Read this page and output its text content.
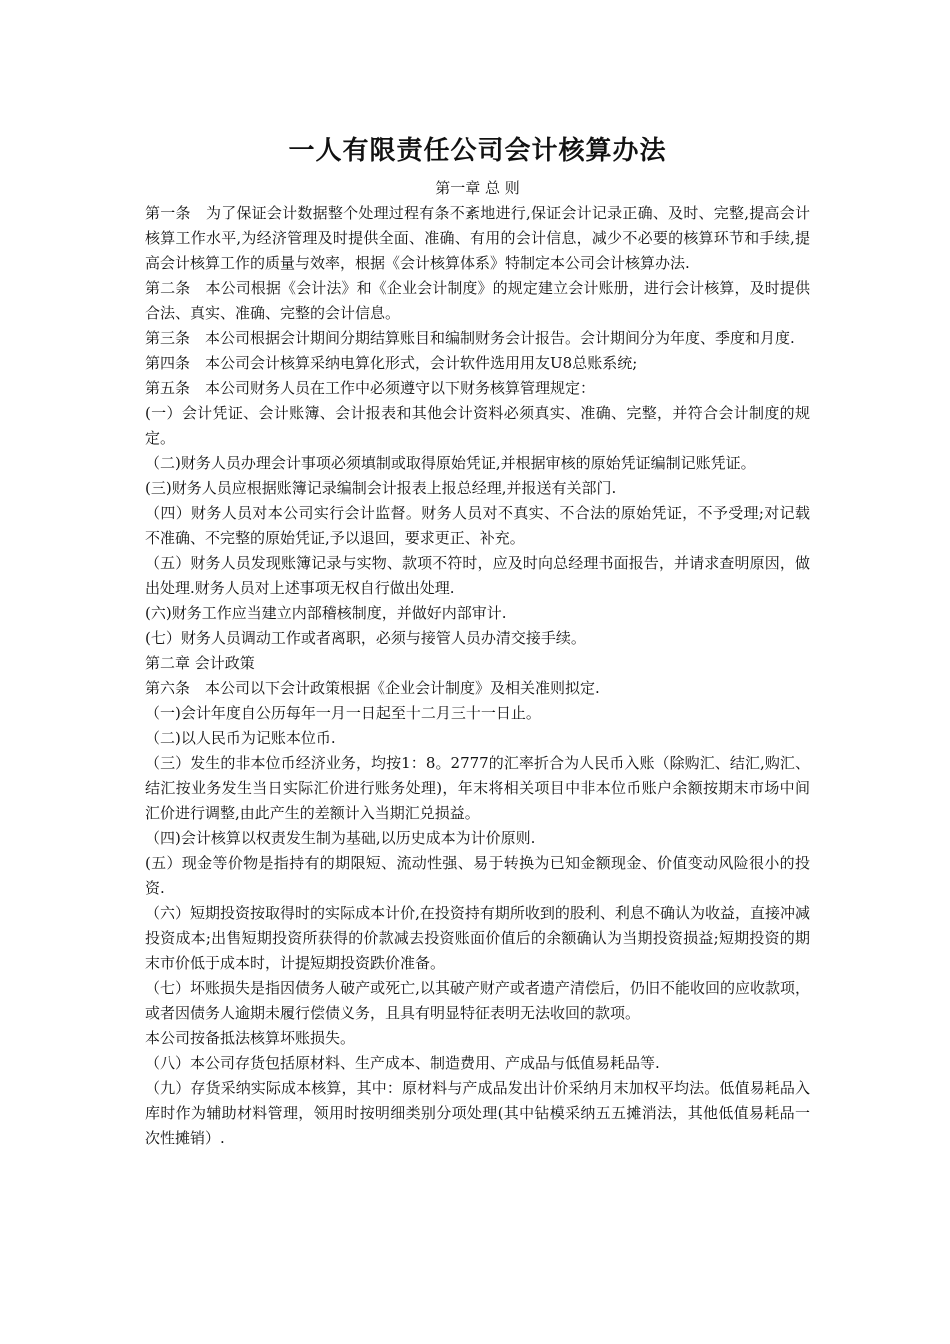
一人有限责任公司会计核算办法

第一章 总 则

第一条　为了保证会计数据整个处理过程有条不紊地进行,保证会计记录正确、及时、完整,提高会计核算工作水平,为经济管理及时提供全面、准确、有用的会计信息，减少不必要的核算环节和手续,提高会计核算工作的质量与效率，根据《会计核算体系》特制定本公司会计核算办法.

第二条　本公司根据《会计法》和《企业会计制度》的规定建立会计账册，进行会计核算，及时提供合法、真实、准确、完整的会计信息。

第三条　本公司根据会计期间分期结算账目和编制财务会计报告。会计期间分为年度、季度和月度.

第四条　本公司会计核算采纳电算化形式，会计软件选用用友U8总账系统;

第五条　本公司财务人员在工作中必须遵守以下财务核算管理规定：

(一）会计凭证、会计账簿、会计报表和其他会计资料必须真实、准确、完整，并符合会计制度的规定。

（二)财务人员办理会计事项必须填制或取得原始凭证,并根据审核的原始凭证编制记账凭证。

(三)财务人员应根据账簿记录编制会计报表上报总经理,并报送有关部门.

（四）财务人员对本公司实行会计监督。财务人员对不真实、不合法的原始凭证，不予受理;对记载不准确、不完整的原始凭证,予以退回，要求更正、补充。

（五）财务人员发现账簿记录与实物、款项不符时，应及时向总经理书面报告，并请求查明原因，做出处理.财务人员对上述事项无权自行做出处理.

(六)财务工作应当建立内部稽核制度，并做好内部审计.

(七）财务人员调动工作或者离职，必须与接管人员办清交接手续。

第二章 会计政策

第六条　本公司以下会计政策根据《企业会计制度》及相关准则拟定.

（一)会计年度自公历每年一月一日起至十二月三十一日止。

（二)以人民币为记账本位币.

（三）发生的非本位币经济业务，均按1：8。2777的汇率折合为人民币入账（除购汇、结汇,购汇、结汇按业务发生当日实际汇价进行账务处理)，年末将相关项目中非本位币账户余额按期末市场中间汇价进行调整,由此产生的差额计入当期汇兑损益。

（四)会计核算以权责发生制为基础,以历史成本为计价原则.

(五）现金等价物是指持有的期限短、流动性强、易于转换为已知金额现金、价值变动风险很小的投资.

（六）短期投资按取得时的实际成本计价,在投资持有期所收到的股利、利息不确认为收益，直接冲减投资成本;出售短期投资所获得的价款减去投资账面价值后的余额确认为当期投资损益;短期投资的期末市价低于成本时，计提短期投资跌价准备。

（七）坏账损失是指因债务人破产或死亡,以其破产财产或者遗产清偿后，仍旧不能收回的应收款项，或者因债务人逾期未履行偿债义务，且具有明显特征表明无法收回的款项。

本公司按备抵法核算坏账损失。

（八）本公司存货包括原材料、生产成本、制造费用、产成品与低值易耗品等.

（九）存货采纳实际成本核算，其中：原材料与产成品发出计价采纳月末加权平均法。低值易耗品入库时作为辅助材料管理，领用时按明细类别分项处理(其中钻模采纳五五摊消法，其他低值易耗品一次性摊销）.
